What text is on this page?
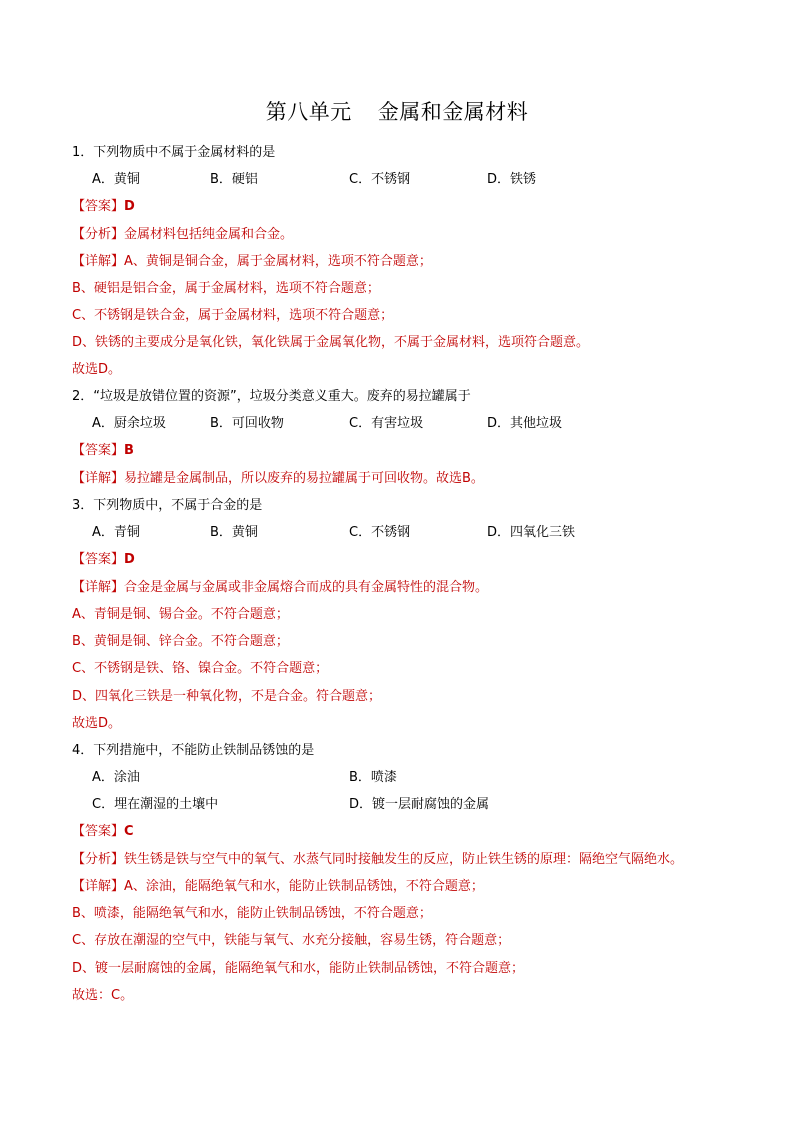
第八单元 金属和金属材料
1．下列物质中不属于金属材料的是
A．黄铜	B．硬铝	C．不锈钢	D．铁锈
【答案】D
【分析】金属材料包括纯金属和合金。
【详解】A、黄铜是铜合金，属于金属材料，选项不符合题意；
B、硬铝是铝合金，属于金属材料，选项不符合题意；
C、不锈钢是铁合金，属于金属材料，选项不符合题意；
D、铁锈的主要成分是氧化铁，氧化铁属于金属氧化物，不属于金属材料，选项符合题意。
故选D。
2．“垃圾是放错位置的资源”，垃圾分类意义重大。废弃的易拉罐属于
A．厨余垃圾	B．可回收物	C．有害垃圾	D．其他垃圾
【答案】B
【详解】易拉罐是金属制品，所以废弃的易拉罐属于可回收物。故选B。
3．下列物质中，不属于合金的是
A．青铜	B．黄铜	C．不锈钢	D．四氧化三铁
【答案】D
【详解】合金是金属与金属或非金属熔合而成的具有金属特性的混合物。
A、青铜是铜、锡合金。不符合题意；
B、黄铜是铜、锌合金。不符合题意；
C、不锈钢是铁、铬、镍合金。不符合题意；
D、四氧化三铁是一种氧化物，不是合金。符合题意；
故选D。
4．下列措施中，不能防止铁制品锈蚀的是
A．涂油	B．喷漆
C．埋在潮湿的土壤中	D．镀一层耐腐蚀的金属
【答案】C
【分析】铁生锈是铁与空气中的氧气、水蒸气同时接触发生的反应，防止铁生锈的原理：隔绝空气隔绝水。
【详解】A、涂油，能隔绝氧气和水，能防止铁制品锈蚀，不符合题意；
B、喷漆，能隔绝氧气和水，能防止铁制品锈蚀，不符合题意；
C、存放在潮湿的空气中，铁能与氧气、水充分接触，容易生锈，符合题意；
D、镀一层耐腐蚀的金属，能隔绝氧气和水，能防止铁制品锈蚀，不符合题意；
故选：C。
